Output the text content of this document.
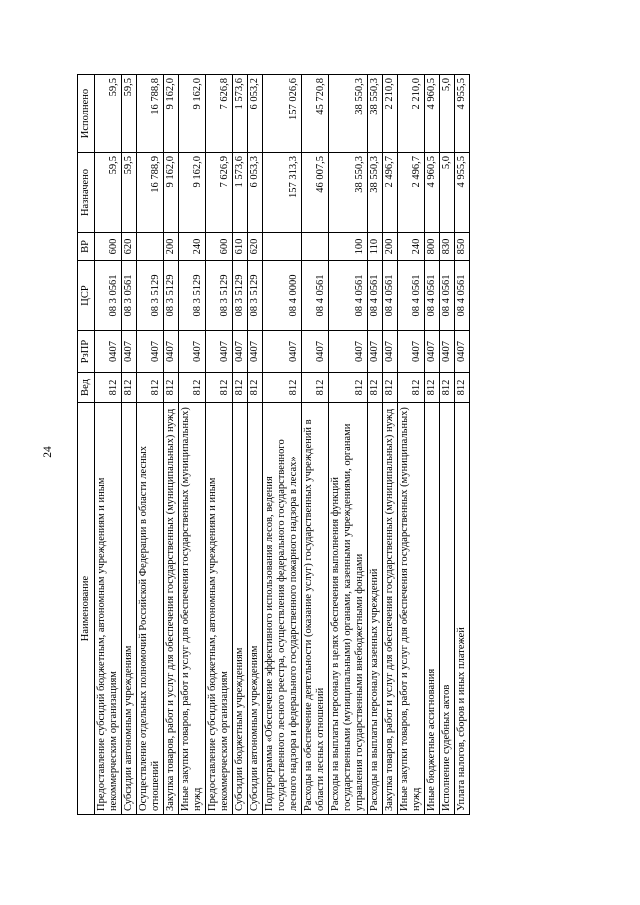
24
Наименование	Вед	РзПР	ЦСР	ВР	Назначено	Исполнено
Предоставление субсидий бюджетным, автономным учреждениям и иным некоммерческим организациям	812	0407	08 3 0561	600	59,5	59,5
Субсидии автономным учреждениям	812	0407	08 3 0561	620	59,5	59,5
Осуществление отдельных полномочий Российской Федерации в области лесных отношений	812	0407	08 3 5129		16 788,9	16 788,8
Закупка товаров, работ и услуг для обеспечения государственных (муниципальных) нужд	812	0407	08 3 5129	200	9 162,0	9 162,0
Иные закупки товаров, работ и услуг для обеспечения государственных (муниципальных) нужд	812	0407	08 3 5129	240	9 162,0	9 162,0
Предоставление субсидий бюджетным, автономным учреждениям и иным некоммерческим организациям	812	0407	08 3 5129	600	7 626,9	7 626,8
Субсидии бюджетным учреждениям	812	0407	08 3 5129	610	1 573,6	1 573,6
Субсидии автономным учреждениям	812	0407	08 3 5129	620	6 053,3	6 053,2
Подпрограмма «Обеспечение эффективного использования лесов, ведения государственного лесного реестра, осуществления федерального государственного лесного надзора и федерального государственного пожарного надзора в лесах»	812	0407	08 4 0000		157 313,3	157 026,6
Расходы на обеспечение деятельности (оказание услуг) государственных учреждений в области лесных отношений	812	0407	08 4 0561		46 007,5	45 720,8
Расходы на выплаты персоналу в целях обеспечения выполнения функций государственными (муниципальными) органами, казенными учреждениями, органами управления государственными внебюджетными фондами	812	0407	08 4 0561	100	38 550,3	38 550,3
Расходы на выплаты персоналу казенных учреждений	812	0407	08 4 0561	110	38 550,3	38 550,3
Закупка товаров, работ и услуг для обеспечения государственных (муниципальных) нужд	812	0407	08 4 0561	200	2 496,7	2 210,0
Иные закупки товаров, работ и услуг для обеспечения государственных (муниципальных) нужд	812	0407	08 4 0561	240	2 496,7	2 210,0
Иные бюджетные ассигнования	812	0407	08 4 0561	800	4 960,5	4 960,5
Исполнение судебных актов	812	0407	08 4 0561	830	5,0	5,0
Уплата налогов, сборов и иных платежей	812	0407	08 4 0561	850	4 955,5	4 955,5
